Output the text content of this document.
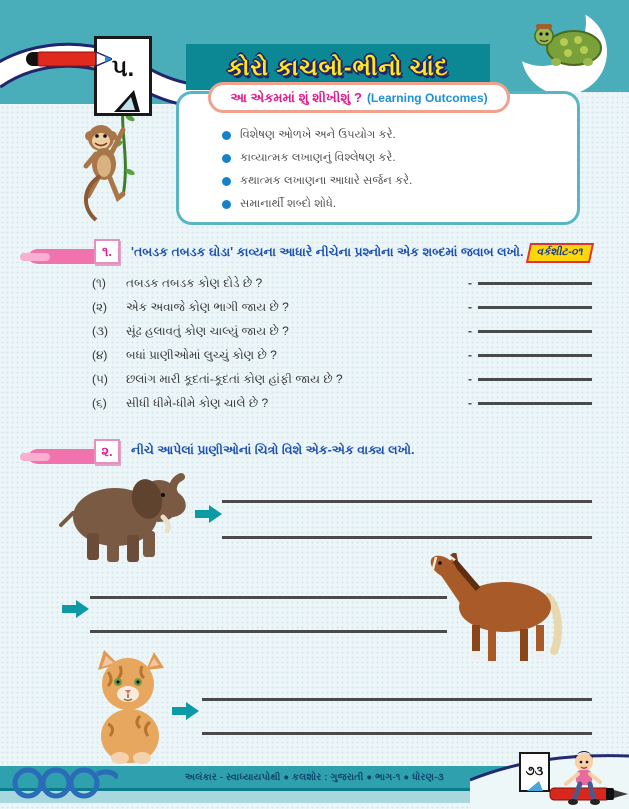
કોરો કાચબો-ભીનો ચાંદ
૫.
આ એકમમાં શું શીખીશું ? (Learning Outcomes)
વિશેષણ ઓળખે અને ઉપયોગ કરે.
કાવ્યાત્મક લખાણનું વિશ્લેષણ કરે.
કથાત્મક લખાણના આધારે સર્જન કરે.
સમાનાર્થી શબ્દો શોધે.
૧.	'તબડક તબડક ઘોડા' કાવ્યના આધારે નીચેના પ્રશ્નોના એક શબ્દમાં જવાબ લખો. વર્કશીટ-૦૧
(૧)	તબડક તબડક કોણ દોડે છે ?	-
(૨)	એક અવાજે કોણ ભાગી જાય છે ?	-
(૩)	સૂંઢ હલાવતું કોણ ચાલ્યું જાય છે ?	-
(૪)	બધાં પ્રાણીઓમાં લુચ્ચું કોણ છે ?	-
(૫)	છલાંગ મારી કૂદતાં-કૂદતાં કોણ હાંફી જાય છે ?	-
(૬)	સીધી ધીમે-ધીમે કોણ ચાલે છે ?	-
૨.	નીચે આપેલાં પ્રાણીઓનાં ચિત્રો વિશે એક-એક વાક્ય લખો.
અલંકાર - સ્વાધ્યાયપોથી ● કલશોર : ગુજરાતી ● ભાગ-૧ ● ધોરણ-૩	૭૩
